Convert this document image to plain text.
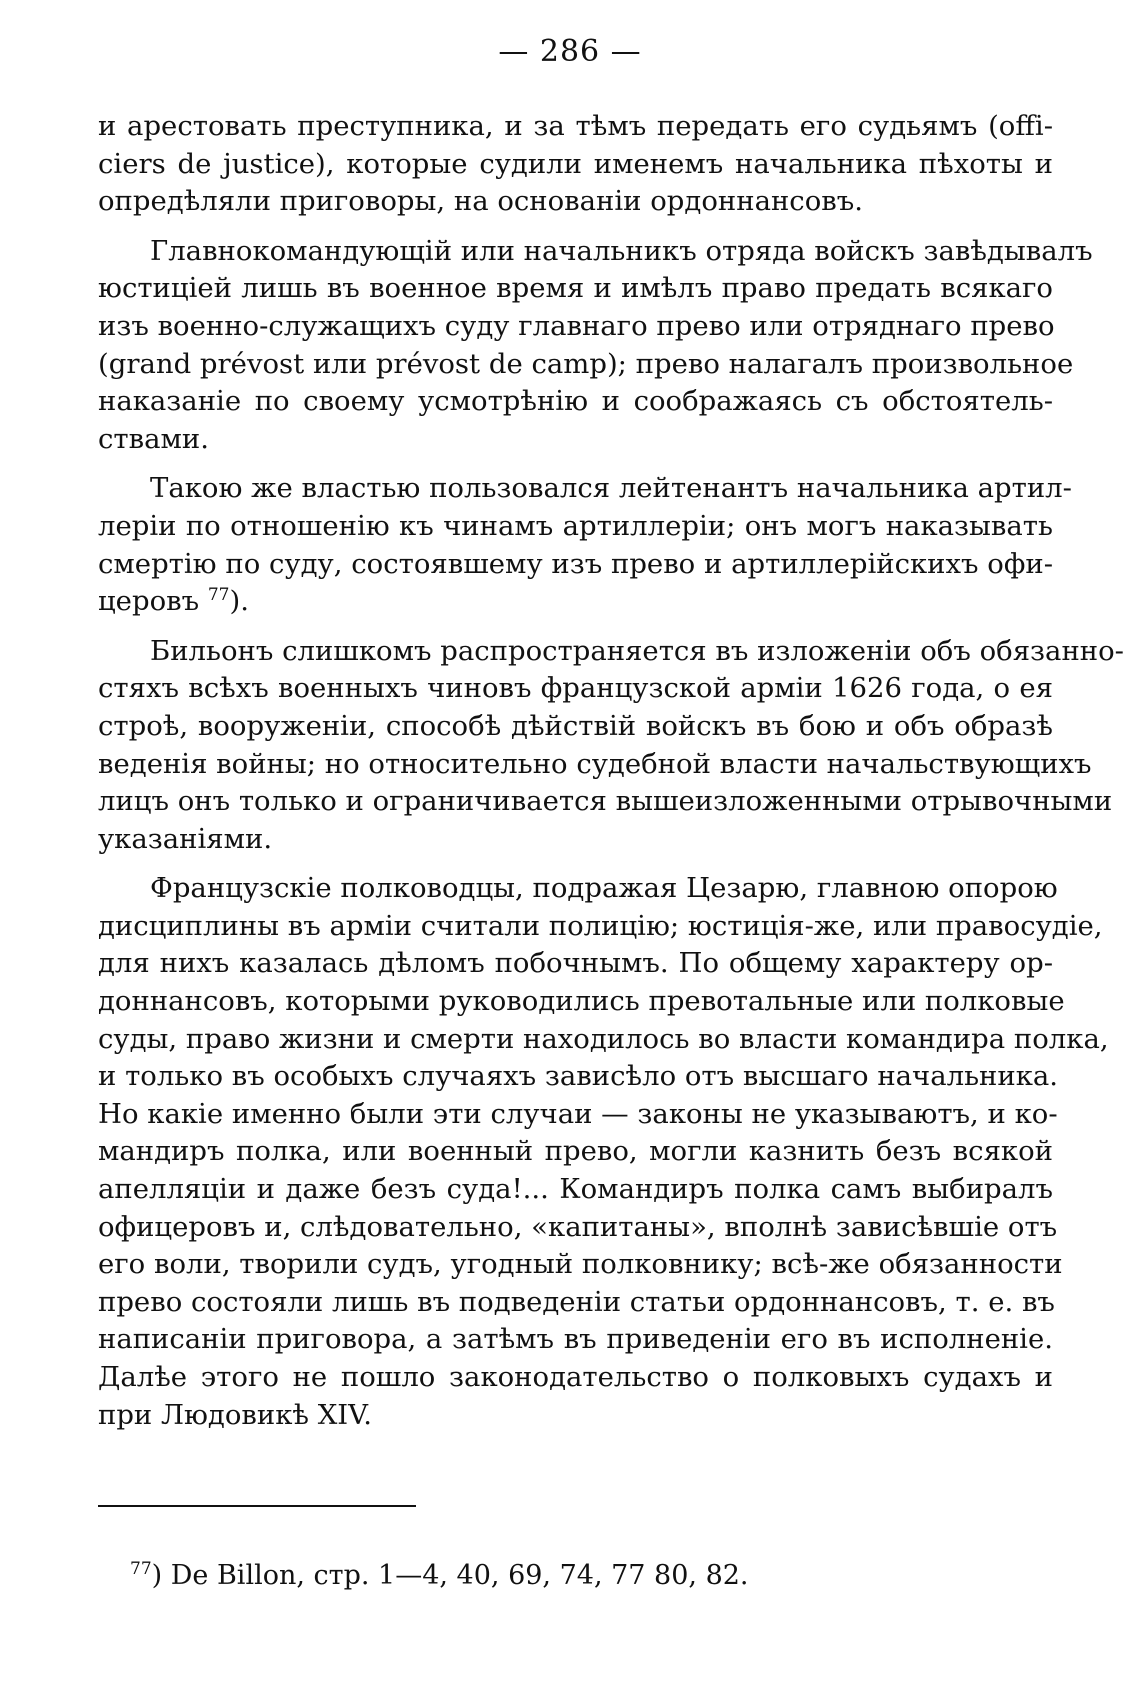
— 286 —
и арестовать преступника, и за тѣмъ передать его судьямъ (offi-
ciers de justice), которые судили именемъ начальника пѣхоты и
опредѣляли приговоры, на основаніи ордоннансовъ.
Главнокомандующій или начальникъ отряда войскъ завѣдывалъ
юстиціей лишь въ военное время и имѣлъ право предать всякаго
изъ военно-служащихъ суду главнаго прево или отряднаго прево
(grand prévost или prévost de camp); прево налагалъ произвольное
наказаніе по своему усмотрѣнію и соображаясь съ обстоятель-
ствами.
Такою же властью пользовался лейтенантъ начальника артил-
леріи по отношенію къ чинамъ артиллеріи; онъ могъ наказывать
смертію по суду, состоявшему изъ прево и артиллерійскихъ офи-
церовъ $^{77}$).
Бильонъ слишкомъ распространяется въ изложеніи объ обязанно-
стяхъ всѣхъ военныхъ чиновъ французской арміи 1626 года, о ея
строѣ, вооруженіи, способѣ дѣйствій войскъ въ бою и объ образѣ
веденія войны; но относительно судебной власти начальствующихъ
лицъ онъ только и ограничивается вышеизложенными отрывочными
указаніями.
Французскіе полководцы, подражая Цезарю, главною опорою
дисциплины въ арміи считали полицію; юстиція-же, или правосудіе,
для нихъ казалась дѣломъ побочнымъ. По общему характеру ор-
доннансовъ, которыми руководились превотальные или полковые
суды, право жизни и смерти находилось во власти командира полка,
и только въ особыхъ случаяхъ зависѣло отъ высшаго начальника.
Но какіе именно были эти случаи — законы не указываютъ, и ко-
мандиръ полка, или военный прево, могли казнить безъ всякой
апелляціи и даже безъ суда!... Командиръ полка самъ выбиралъ
офицеровъ и, слѣдовательно, «капитаны», вполнѣ зависѣвшіе отъ
его воли, творили судъ, угодный полковнику; всѣ-же обязанности
прево состояли лишь въ подведеніи статьи ордоннансовъ, т. е. въ
написаніи приговора, а затѣмъ въ приведеніи его въ исполненіе.
Далѣе этого не пошло законодательство о полковыхъ судахъ и
при Людовикѣ XIV.
$^{77}$) De Billon, стр. 1—4, 40, 69, 74, 77 80, 82.
